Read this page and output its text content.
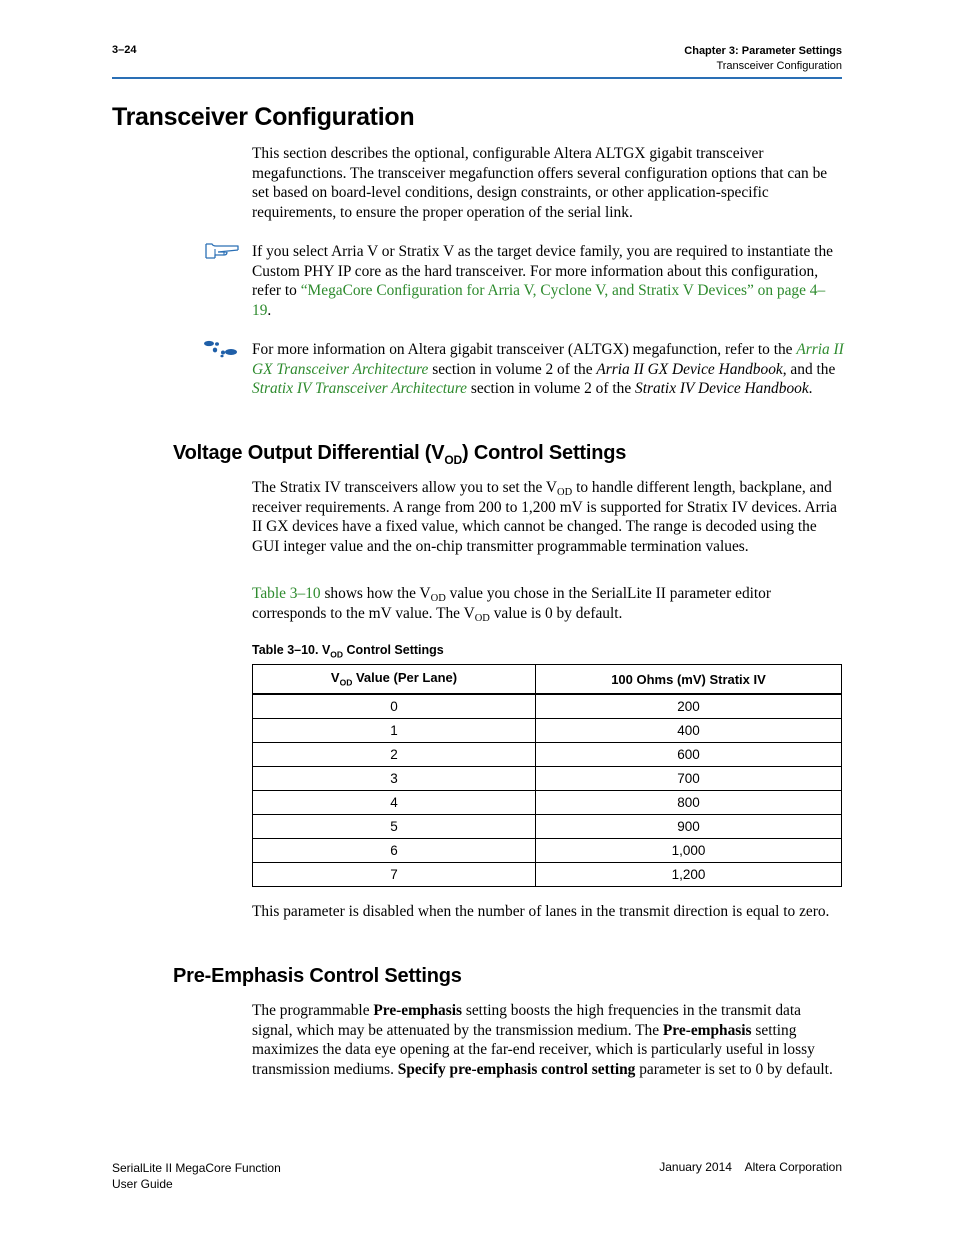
3–24	Chapter 3: Parameter Settings
Transceiver Configuration
Transceiver Configuration
This section describes the optional, configurable Altera ALTGX gigabit transceiver megafunctions. The transceiver megafunction offers several configuration options that can be set based on board-level conditions, design constraints, or other application-specific requirements, to ensure the proper operation of the serial link.
If you select Arria V or Stratix V as the target device family, you are required to instantiate the Custom PHY IP core as the hard transceiver. For more information about this configuration, refer to “MegaCore Configuration for Arria V, Cyclone V, and Stratix V Devices” on page 4–19.
For more information on Altera gigabit transceiver (ALTGX) megafunction, refer to the Arria II GX Transceiver Architecture section in volume 2 of the Arria II GX Device Handbook, and the Stratix IV Transceiver Architecture section in volume 2 of the Stratix IV Device Handbook.
Voltage Output Differential $(V_{OD})$ Control Settings
The Stratix IV transceivers allow you to set the $V_{OD}$ to handle different length, backplane, and receiver requirements. A range from 200 to 1,200 mV is supported for Stratix IV devices. Arria II GX devices have a fixed value, which cannot be changed. The range is decoded using the GUI integer value and the on-chip transmitter programmable termination values.
Table 3–10 shows how the $V_{OD}$ value you chose in the SerialLite II parameter editor corresponds to the mV value. The $V_{OD}$ value is 0 by default.
Table 3–10. $V_{OD}$ Control Settings
$V_{OD}$ Value (Per Lane)	100 Ohms (mV) Stratix IV
0	200
1	400
2	600
3	700
4	800
5	900
6	1,000
7	1,200
This parameter is disabled when the number of lanes in the transmit direction is equal to zero.
Pre-Emphasis Control Settings
The programmable Pre-emphasis setting boosts the high frequencies in the transmit data signal, which may be attenuated by the transmission medium. The Pre-emphasis setting maximizes the data eye opening at the far-end receiver, which is particularly useful in lossy transmission mediums. Specify pre-emphasis control setting parameter is set to 0 by default.
SerialLite II MegaCore Function
User Guide
January 2014    Altera Corporation
